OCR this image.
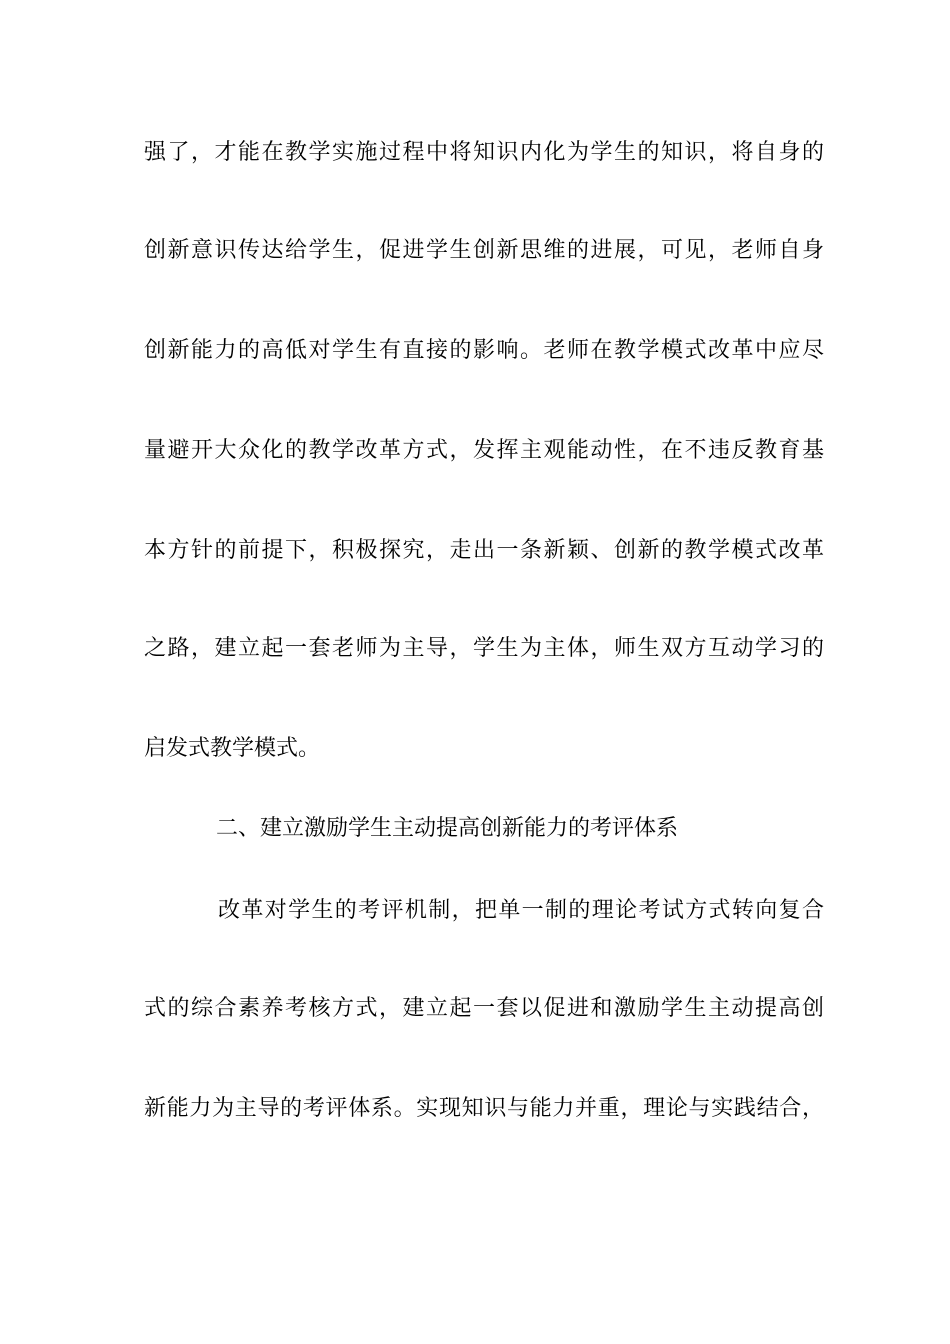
强了，才能在教学实施过程中将知识内化为学生的知识，将自身的
创新意识传达给学生，促进学生创新思维的进展，可见，老师自身
创新能力的高低对学生有直接的影响。老师在教学模式改革中应尽
量避开大众化的教学改革方式，发挥主观能动性，在不违反教育基
本方针的前提下，积极探究，走出一条新颖、创新的教学模式改革
之路，建立起一套老师为主导，学生为主体，师生双方互动学习的
启发式教学模式。
二、建立激励学生主动提高创新能力的考评体系
改革对学生的考评机制，把单一制的理论考试方式转向复合
式的综合素养考核方式，建立起一套以促进和激励学生主动提高创
新能力为主导的考评体系。实现知识与能力并重，理论与实践结合，
